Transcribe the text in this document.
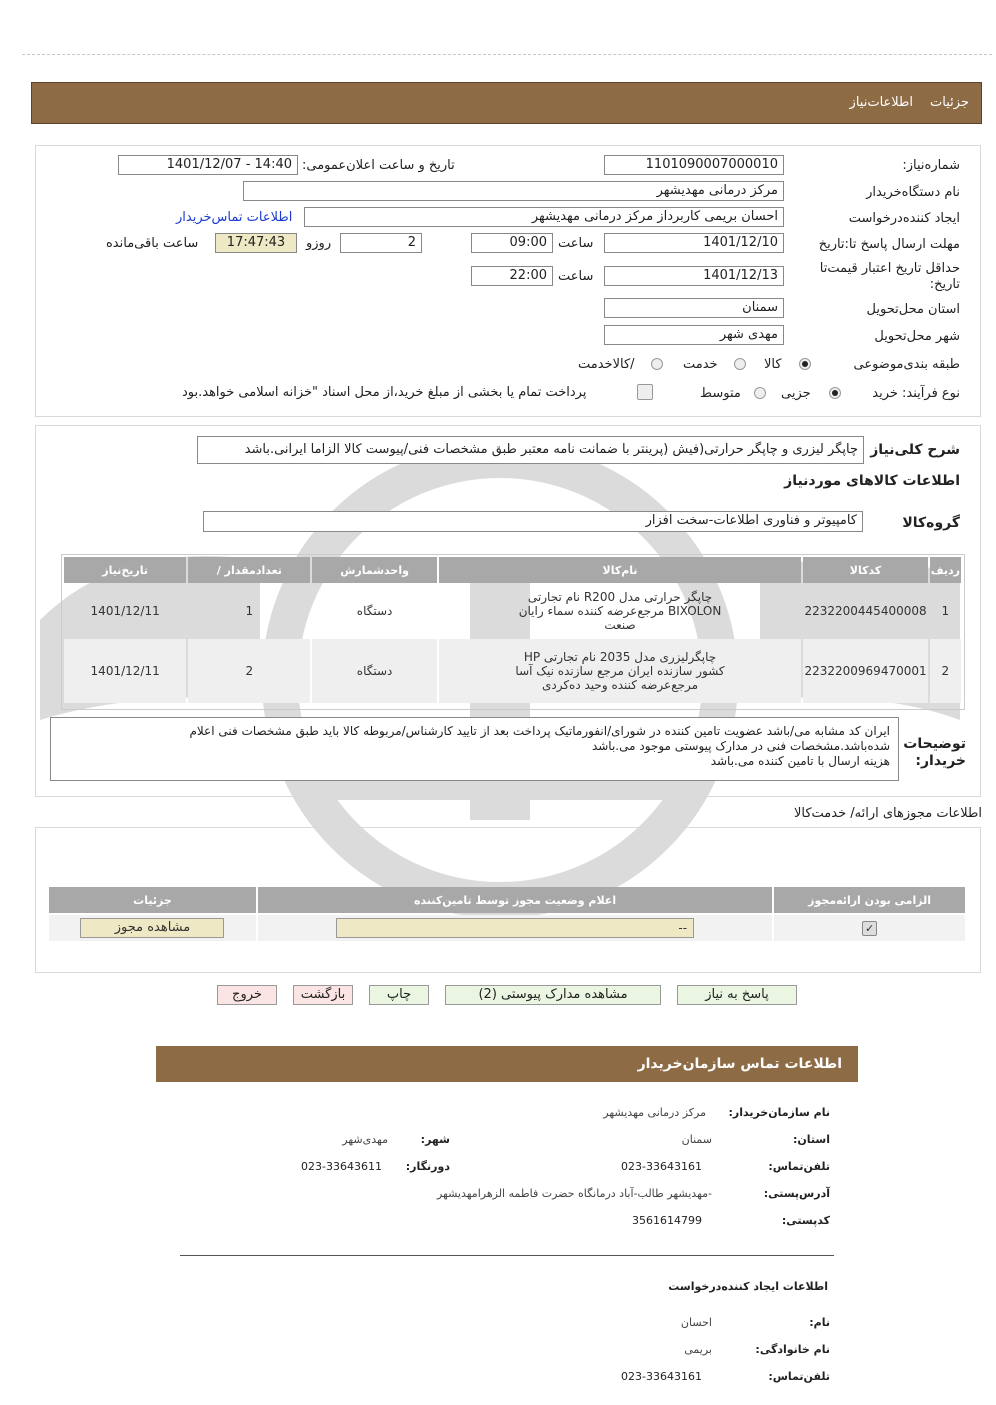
جزئیات
اطلاعات‌نیاز
شماره‌نیاز:
1101090007000010
تاریخ و ساعت اعلان‌عمومی:
1401/12/07 - 14:40
نام دستگاه‌خریدار
مرکز درمانی مهدیشهر
ایجاد کننده‌درخواست
احسان بریمی کاربرداز مرکز درمانی مهدیشهر
اطلاعات تماس‌خریدار
مهلت ارسال پاسخ تا:تاریخ
1401/12/10
ساعت
09:00
2
روزو
17:47:43
ساعت باقی‌مانده
حداقل تاریخ اعتبار قیمت‌تا
تاریخ:
1401/12/13
ساعت
22:00
استان محل‌تحویل
سمنان
شهر محل‌تحویل
مهدی شهر
طبقه بندی‌موضوعی
کالا
خدمت
/کالاخدمت
نوع فرآیند: خرید
جزیی
متوسط
پرداخت تمام یا بخشی از مبلغ خرید،از محل اسناد "خزانه اسلامی خواهد.بود
شرح کلی‌نیاز
چاپگر لیزری و چاپگر حرارتی(فیش (پرینتر با ضمانت نامه معتبر طبق مشخصات فنی/پیوست کالا الزاما ایرانی.باشد
اطلاعات کالاهای موردنیاز
گروه‌کالا
کامپیوتر و فناوری اطلاعات-سخت افزار
ردیف	کدکالا	نام‌کالا	واحدشمارش	تعدادمقدار /	تاریخ‌نیاز
1	2232200445400008	چاپگر حرارتی مدل R200 نام تجارتی BIXOLON مرجع‌عرضه کننده سماء رایان صنعت	دستگاه	1	1401/12/11
2	2232200969470001	چاپگرلیزری مدل 2035 نام تجارتی HP کشور سازنده ایران مرجع سازنده نیک آسا مرجع‌عرضه کننده وحید ده‌کردی	دستگاه	2	1401/12/11
توضیحات
خریدار:
ایران کد مشابه می/باشد عضویت تامین کننده در شورای/انفورماتیک پرداخت بعد از تایید کارشناس/مربوطه کالا باید طبق مشخصات فنی اعلام
شده‌باشد.مشخصات فنی در مدارک پیوستی موجود می.باشد
هزینه ارسال با تامین کننده می.باشد
اطلاعات مجوزهای ارائه/ خدمت‌کالا
الزامی بودن ارائه‌مجوز	اعلام وضعیت مجوز توسط تامین‌کننده	جزئیات
✓	--	مشاهده مجوز
پاسخ به نیاز
مشاهده مدارک پیوستی (2)
چاپ
بازگشت
خروج
اطلاعات تماس سازمان‌خریدار
نام سازمان‌خریدار:
مرکز درمانی مهدیشهر
استان:
سمنان
شهر:
مهدی‌شهر
تلفن‌تماس:
023-33643161
دورنگار:
023-33643611
آدرس‌پستی:
-مهدیشهر طالب-آباد درمانگاه حضرت فاطمه الزهرامهدیشهر
کدپستی:
3561614799
اطلاعات ایجاد کننده‌درخواست
نام:
احسان
نام خانوادگی:
بریمی
تلفن‌تماس:
023-33643161
